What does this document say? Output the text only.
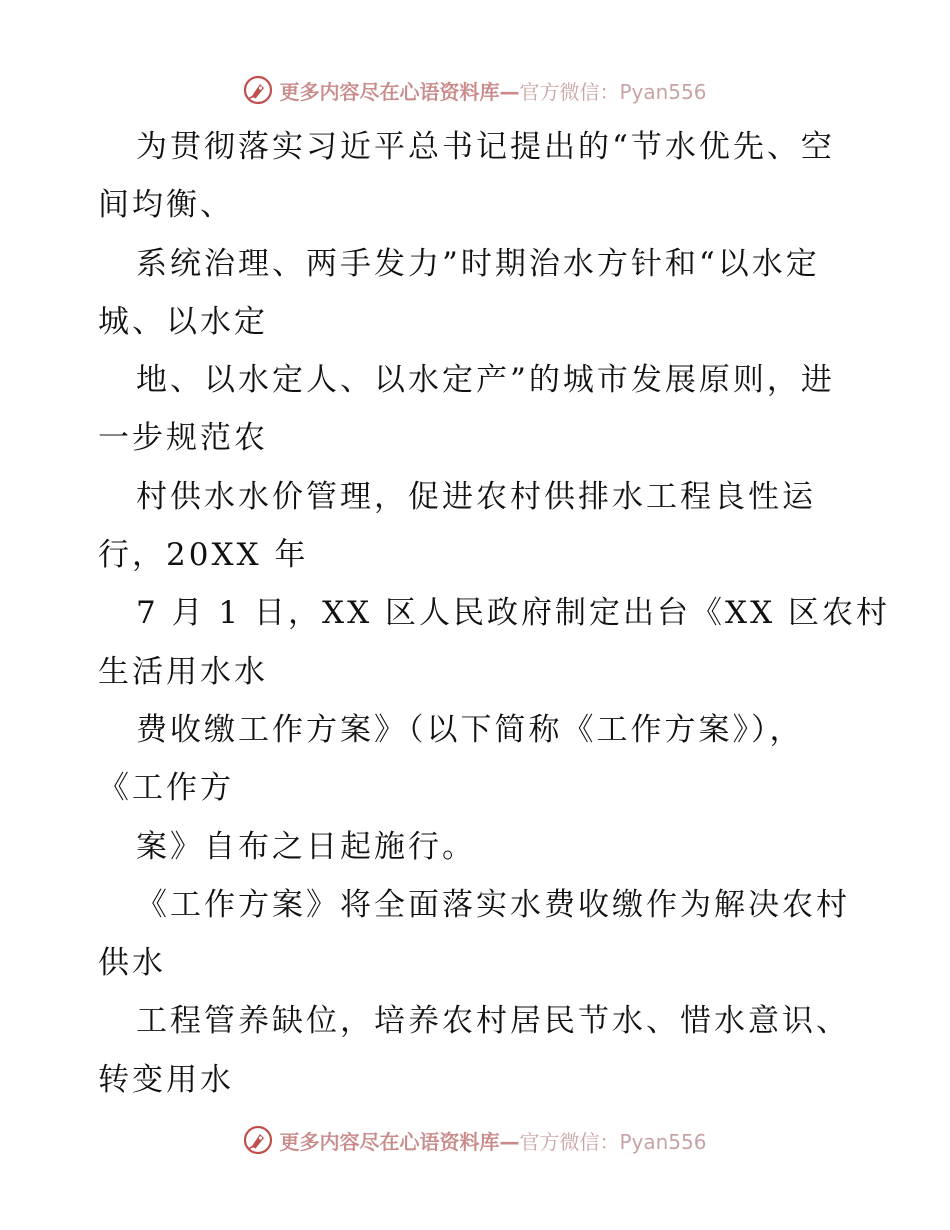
更多内容尽在心语资料库—官方微信：Pyan556
为贯彻落实习近平总书记提出的“节水优先、空
间均衡、
系统治理、两手发力”时期治水方针和“以水定
城、以水定
地、以水定人、以水定产”的城市发展原则，进
一步规范农
村供水水价管理，促进农村供排水工程良性运
行，20XX 年
7 月 1 日，XX 区人民政府制定出台《XX 区农村
生活用水水
费收缴工作方案》（以下简称《工作方案》），
《工作方
案》自布之日起施行。
《工作方案》将全面落实水费收缴作为解决农村
供水
工程管养缺位，培养农村居民节水、惜水意识、
转变用水
更多内容尽在心语资料库—官方微信：Pyan556
